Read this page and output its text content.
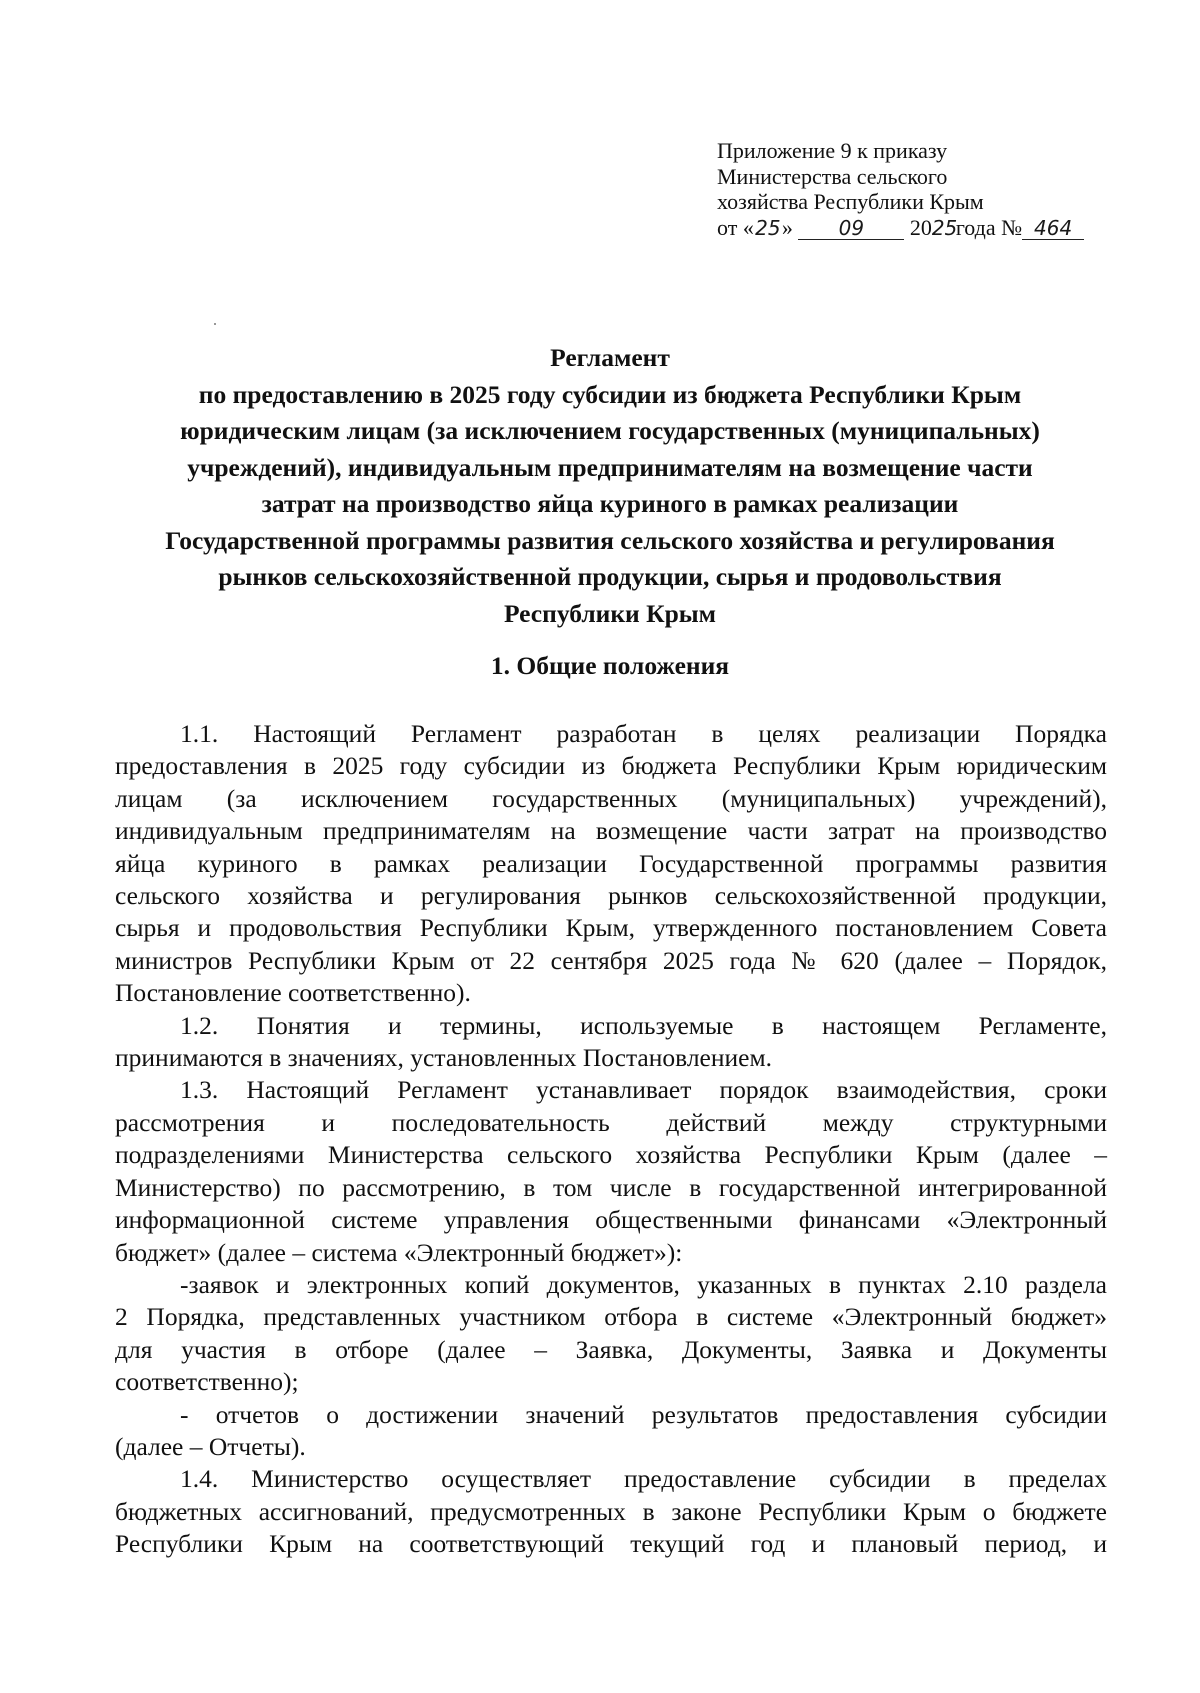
Приложение 9 к приказу
Министерства сельского
хозяйства Республики Крым
от «25» 09 2025года № 464
Регламент
по предоставлению в 2025 году субсидии из бюджета Республики Крым
юридическим лицам (за исключением государственных (муниципальных)
учреждений), индивидуальным предпринимателям на возмещение части
затрат на производство яйца куриного в рамках реализации
Государственной программы развития сельского хозяйства и регулирования
рынков сельскохозяйственной продукции, сырья и продовольствия
Республики Крым
1. Общие положения
1.1. Настоящий Регламент разработан в целях реализации Порядка
предоставления в 2025 году субсидии из бюджета Республики Крым юридическим
лицам (за исключением государственных (муниципальных) учреждений),
индивидуальным предпринимателям на возмещение части затрат на производство
яйца куриного в рамках реализации Государственной программы развития
сельского хозяйства и регулирования рынков сельскохозяйственной продукции,
сырья и продовольствия Республики Крым, утвержденного постановлением Совета
министров Республики Крым от 22 сентября 2025 года № 620 (далее – Порядок,
Постановление соответственно).
1.2. Понятия и термины, используемые в настоящем Регламенте,
принимаются в значениях, установленных Постановлением.
1.3. Настоящий Регламент устанавливает порядок взаимодействия, сроки
рассмотрения и последовательность действий между структурными
подразделениями Министерства сельского хозяйства Республики Крым (далее –
Министерство) по рассмотрению, в том числе в государственной интегрированной
информационной системе управления общественными финансами «Электронный
бюджет» (далее – система «Электронный бюджет»):
-заявок и электронных копий документов, указанных в пунктах 2.10 раздела
2 Порядка, представленных участником отбора в системе «Электронный бюджет»
для участия в отборе (далее – Заявка, Документы, Заявка и Документы
соответственно);
- отчетов о достижении значений результатов предоставления субсидии
(далее – Отчеты).
1.4. Министерство осуществляет предоставление субсидии в пределах
бюджетных ассигнований, предусмотренных в законе Республики Крым о бюджете
Республики Крым на соответствующий текущий год и плановый период, и
